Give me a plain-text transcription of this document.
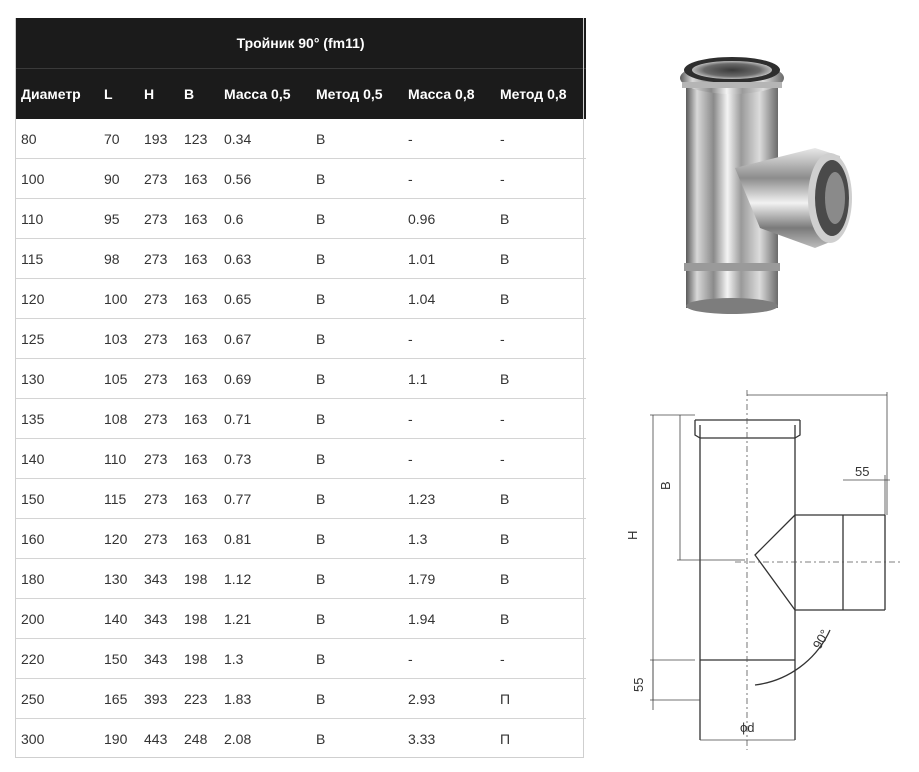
Тройник 90° (fm11)							
Диаметр	L	H	B	Масса 0,5	Метод 0,5	Масса 0,8	Метод 0,8
80	70	193	123	0.34	B	-	-
100	90	273	163	0.56	B	-	-
110	95	273	163	0.6	B	0.96	B
115	98	273	163	0.63	B	1.01	B
120	100	273	163	0.65	B	1.04	B
125	103	273	163	0.67	B	-	-
130	105	273	163	0.69	B	1.1	B
135	108	273	163	0.71	B	-	-
140	110	273	163	0.73	B	-	-
150	115	273	163	0.77	B	1.23	B
160	120	273	163	0.81	B	1.3	B
180	130	343	198	1.12	B	1.79	B
200	140	343	198	1.21	B	1.94	B
220	150	343	198	1.3	B	-	-
250	165	393	223	1.83	B	2.93	П
300	190	443	248	2.08	B	3.33	П
H
B
55
55
90°
ϕd
